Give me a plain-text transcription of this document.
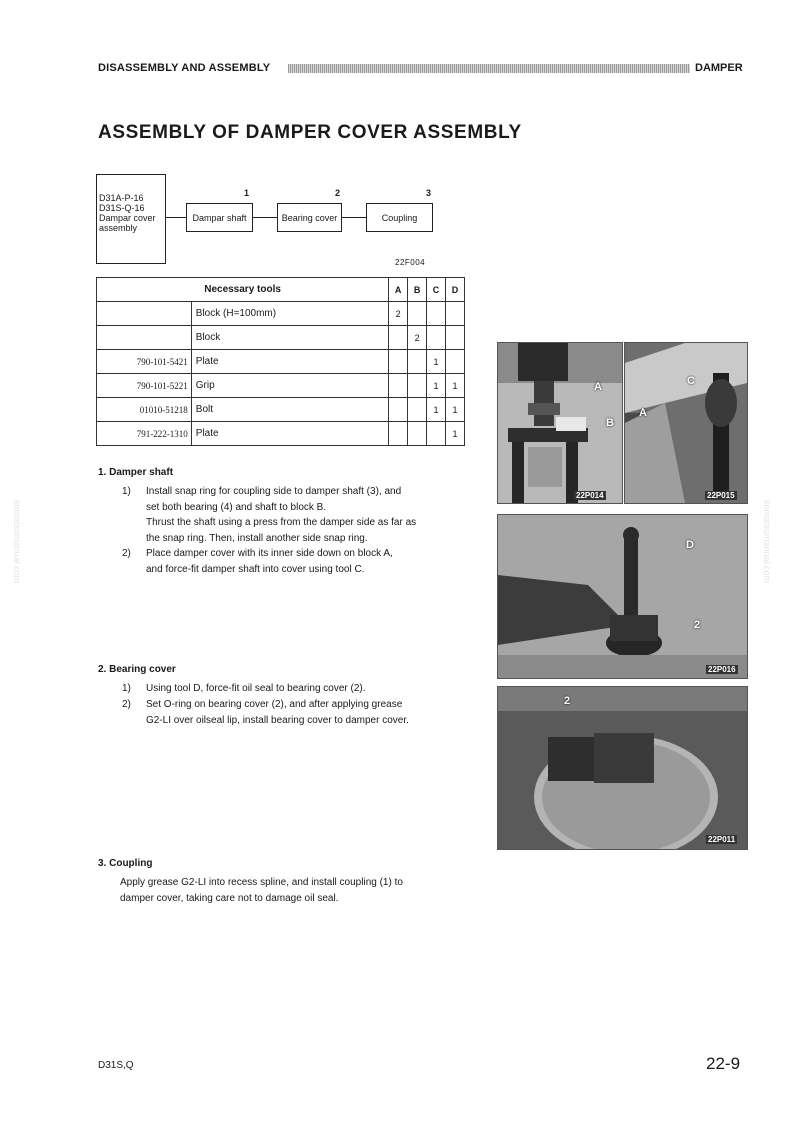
DISASSEMBLY AND ASSEMBLY	DAMPER
ASSEMBLY OF DAMPER COVER ASSEMBLY
D31A-P-16
D31S-Q-16
Dampar cover
assembly
1	2	3
Dampar shaft	Bearing cover	Coupling
22F004
Necessary tools		A	B	C	D
	Block (H=100mm)	2			
	Block		2		
790-101-5421	Plate			1	
790-101-5221	Grip			1	1
01010-51218	Bolt			1	1
791-222-1310	Plate				1
1. Damper shaft
1) Install snap ring for coupling side to damper shaft (3), and
set both bearing (4) and shaft to block B.
Thrust the shaft using a press from the damper side as far as
the snap ring. Then, install another side snap ring.
2) Place damper cover with its inner side down on block A,
and force-fit damper shaft into cover using tool C.
2. Bearing cover
1) Using tool D, force-fit oil seal to bearing cover (2).
2) Set O-ring on bearing cover (2), and after applying grease
G2-LI over oilseal lip, install bearing cover to damper cover.
3. Coupling
Apply grease G2-LI into recess spline, and install coupling (1) to
damper cover, taking care not to damage oil seal.
A
B
22P014
C
A
22P015
D
2
22P016
2
22P011
komatsumanual.com	komatsumanual.com
D31S,Q	22-9
